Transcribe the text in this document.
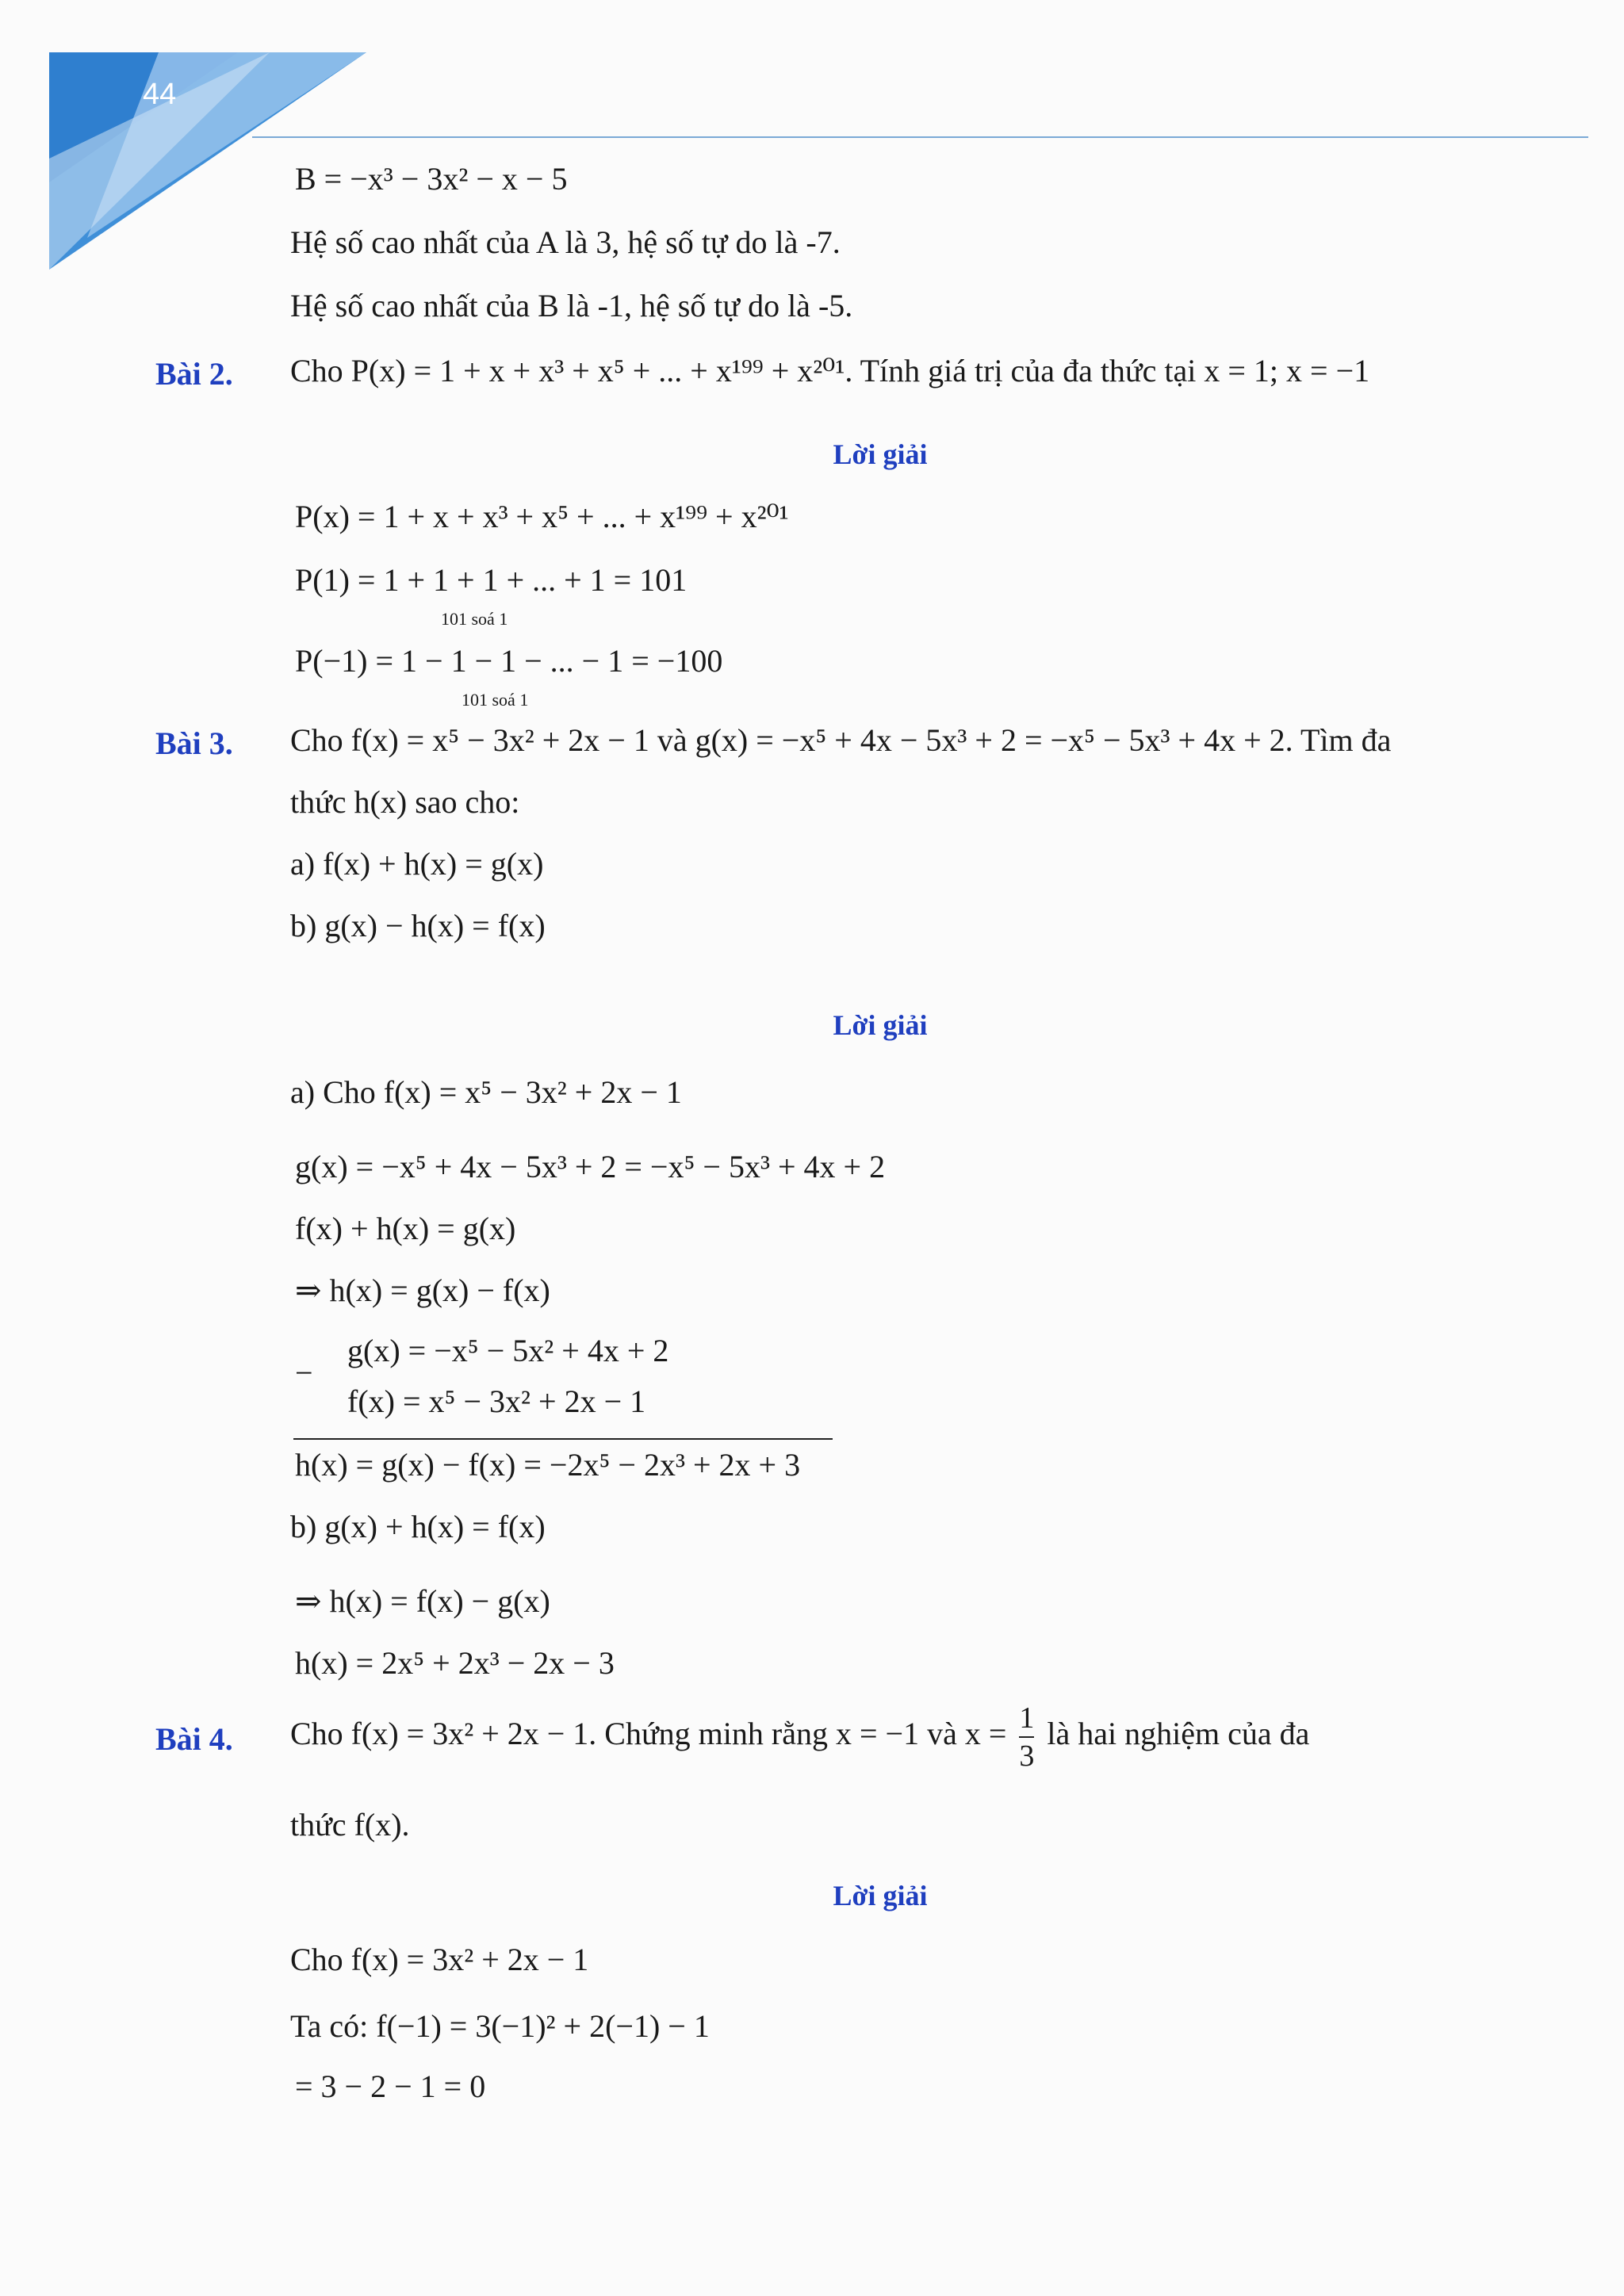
44
B = −x³ − 3x² − x − 5
Hệ số cao nhất của A là 3, hệ số tự do là -7.
Hệ số cao nhất của B là -1, hệ số tự do là -5.
Bài 2. Cho P(x) = 1 + x + x³ + x⁵ + ... + x¹⁹⁹ + x²⁰¹. Tính giá trị của đa thức tại x = 1; x = −1
Lời giải
P(x) = 1 + x + x³ + x⁵ + ... + x¹⁹⁹ + x²⁰¹
P(1) = 1 + 1 + 1 + ... + 1 = 101
101 soá 1
P(−1) = 1 − 1 − 1 − ... − 1 = −100
101 soá 1
Bài 3. Cho f(x) = x⁵ − 3x² + 2x − 1 và g(x) = −x⁵ + 4x − 5x³ + 2 = −x⁵ − 5x³ + 4x + 2. Tìm đa
thức h(x) sao cho:
a) f(x) + h(x) = g(x)
b) g(x) − h(x) = f(x)
Lời giải
a) Cho f(x) = x⁵ − 3x² + 2x − 1
g(x) = −x⁵ + 4x − 5x³ + 2 = −x⁵ − 5x³ + 4x + 2
f(x) + h(x) = g(x)
⇒ h(x) = g(x) − f(x)
−
g(x) = −x⁵ − 5x² + 4x + 2
f(x) = x⁵ − 3x² + 2x − 1
h(x) = g(x) − f(x) = −2x⁵ − 2x³ + 2x + 3
b) g(x) + h(x) = f(x)
⇒ h(x) = f(x) − g(x)
h(x) = 2x⁵ + 2x³ − 2x − 3
Bài 4. Cho f(x) = 3x² + 2x − 1. Chứng minh rằng x = −1 và $x = \frac{1}{3}$ là hai nghiệm của đa
thức f(x).
Lời giải
Cho f(x) = 3x² + 2x − 1
Ta có: f(−1) = 3(−1)² + 2(−1) − 1
= 3 − 2 − 1 = 0
